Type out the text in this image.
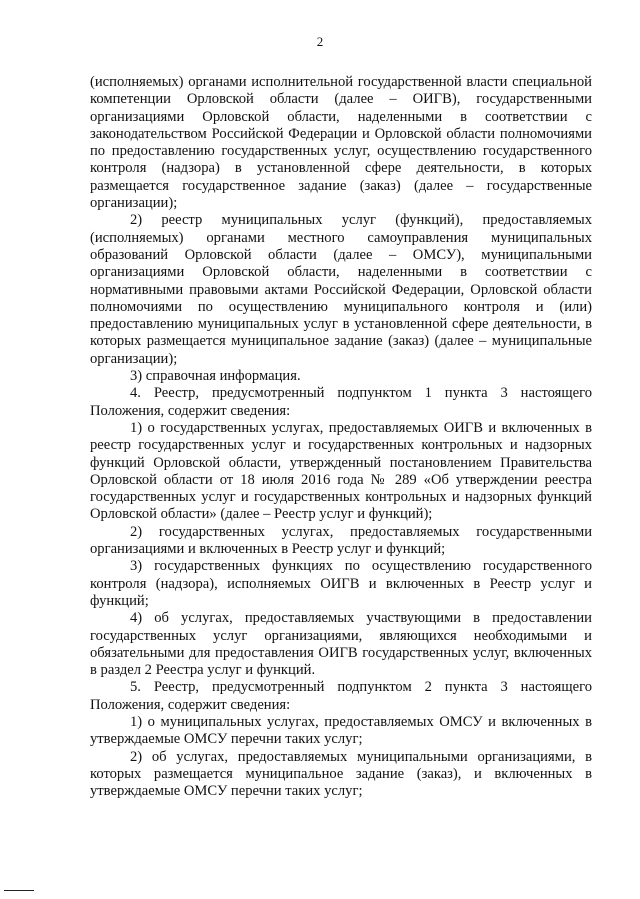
2

(исполняемых) органами исполнительной государственной власти специальной компетенции Орловской области (далее – ОИГВ), государственными организациями Орловской области, наделенными в соответствии с законодательством Российской Федерации и Орловской области полномочиями по предоставлению государственных услуг, осуществлению государственного контроля (надзора) в установленной сфере деятельности, в которых размещается государственное задание (заказ) (далее – государственные организации);

2) реестр муниципальных услуг (функций), предоставляемых (исполняемых) органами местного самоуправления муниципальных образований Орловской области (далее – ОМСУ), муниципальными организациями Орловской области, наделенными в соответствии с нормативными правовыми актами Российской Федерации, Орловской области полномочиями по осуществлению муниципального контроля и (или) предоставлению муниципальных услуг в установленной сфере деятельности, в которых размещается муниципальное задание (заказ) (далее – муниципальные организации);

3) справочная информация.

4. Реестр, предусмотренный подпунктом 1 пункта 3 настоящего Положения, содержит сведения:

1) о государственных услугах, предоставляемых ОИГВ и включенных в реестр государственных услуг и государственных контрольных и надзорных функций Орловской области, утвержденный постановлением Правительства Орловской области от 18 июля 2016 года № 289 «Об утверждении реестра государственных услуг и государственных контрольных и надзорных функций Орловской области» (далее – Реестр услуг и функций);

2) государственных услугах, предоставляемых государственными организациями и включенных в Реестр услуг и функций;

3) государственных функциях по осуществлению государственного контроля (надзора), исполняемых ОИГВ и включенных в Реестр услуг и функций;

4) об услугах, предоставляемых участвующими в предоставлении государственных услуг организациями, являющихся необходимыми и обязательными для предоставления ОИГВ государственных услуг, включенных в раздел 2 Реестра услуг и функций.

5. Реестр, предусмотренный подпунктом 2 пункта 3 настоящего Положения, содержит сведения:

1) о муниципальных услугах, предоставляемых ОМСУ и включенных в утверждаемые ОМСУ перечни таких услуг;

2) об услугах, предоставляемых муниципальными организациями, в которых размещается муниципальное задание (заказ), и включенных в утверждаемые ОМСУ перечни таких услуг;
